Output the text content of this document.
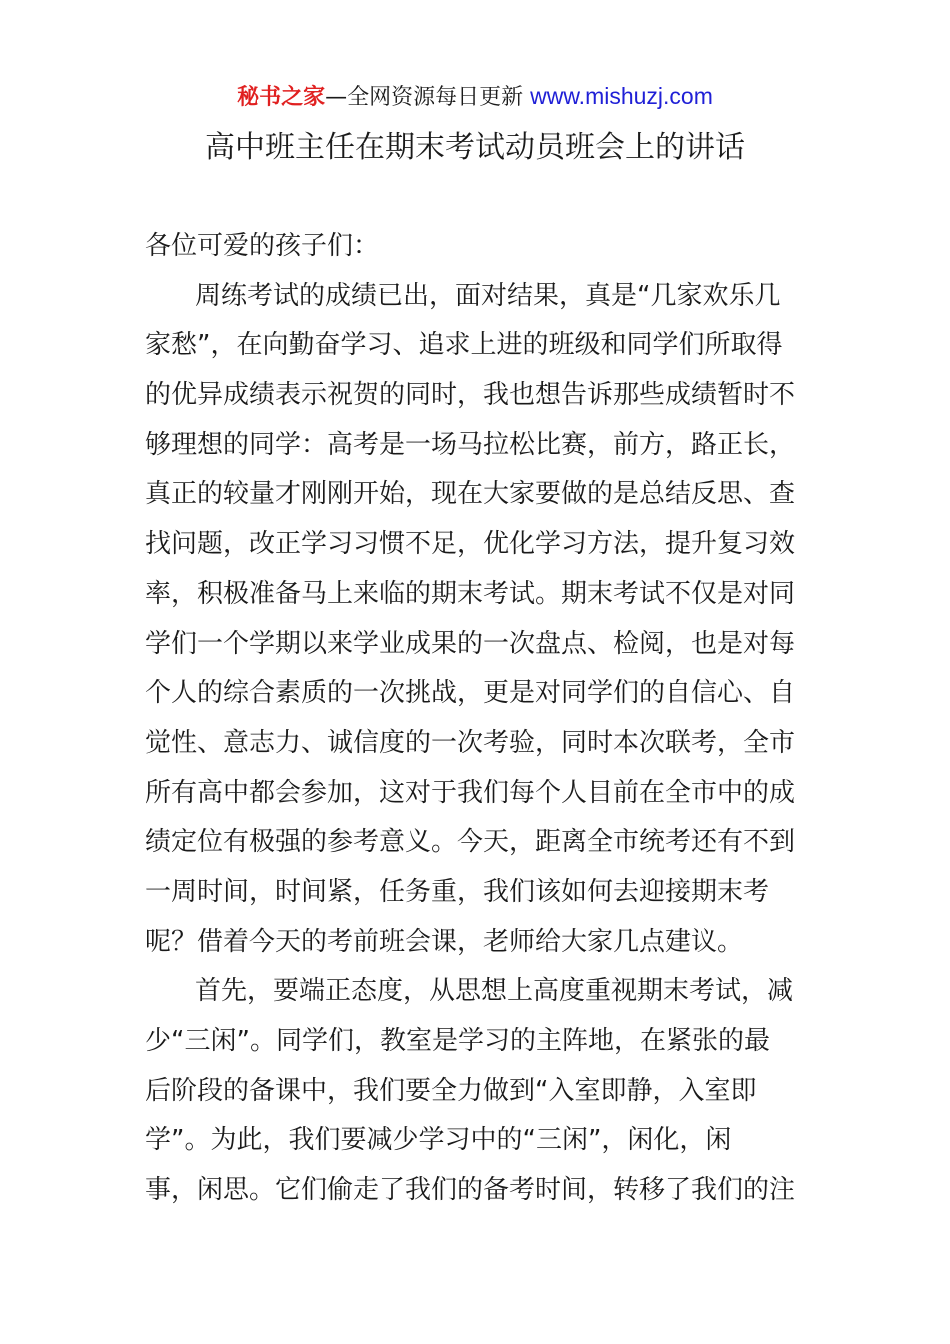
秘书之家—全网资源每日更新 www.mishuzj.com
高中班主任在期末考试动员班会上的讲话
各位可爱的孩子们：
周练考试的成绩已出，面对结果，真是“几家欢乐几
家愁”，在向勤奋学习、追求上进的班级和同学们所取得
的优异成绩表示祝贺的同时，我也想告诉那些成绩暂时不
够理想的同学：高考是一场马拉松比赛，前方，路正长，
真正的较量才刚刚开始，现在大家要做的是总结反思、查
找问题，改正学习习惯不足，优化学习方法，提升复习效
率，积极准备马上来临的期末考试。期末考试不仅是对同
学们一个学期以来学业成果的一次盘点、检阅，也是对每
个人的综合素质的一次挑战，更是对同学们的自信心、自
觉性、意志力、诚信度的一次考验，同时本次联考，全市
所有高中都会参加，这对于我们每个人目前在全市中的成
绩定位有极强的参考意义。今天，距离全市统考还有不到
一周时间，时间紧，任务重，我们该如何去迎接期末考
呢？借着今天的考前班会课，老师给大家几点建议。
首先，要端正态度，从思想上高度重视期末考试，减
少“三闲”。同学们，教室是学习的主阵地，在紧张的最
后阶段的备课中，我们要全力做到“入室即静，入室即
学”。为此，我们要减少学习中的“三闲”，闲化，闲
事，闲思。它们偷走了我们的备考时间，转移了我们的注
